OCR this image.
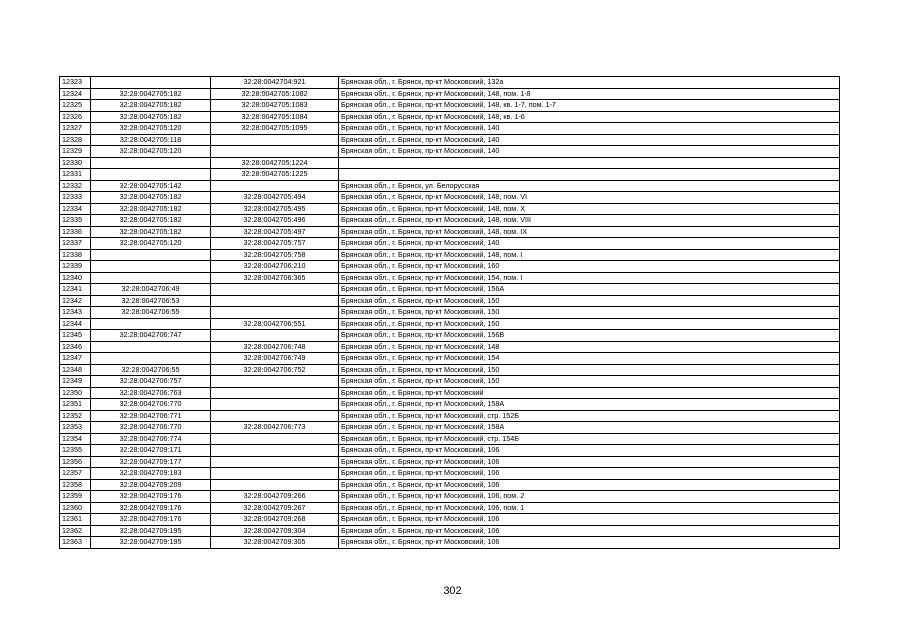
12323		32:28:0042704:921	Брянская обл., г. Брянск, пр-кт Московский, 132а
12324	32:28:0042705:182	32:28:0042705:1082	Брянская обл., г. Брянск, пр-кт Московский, 148, пом. 1-8
12325	32:28:0042705:182	32:28:0042705:1083	Брянская обл., г. Брянск, пр-кт Московский, 148, кв. 1-7, пом. 1-7
12326	32:28:0042705:182	32:28:0042705:1084	Брянская обл., г. Брянск, пр-кт Московский, 148, кв. 1-6
12327	32:28:0042705:120	32:28:0042705:1095	Брянская обл., г. Брянск, пр-кт Московский, 140
12328	32:28:0042705:118		Брянская обл., г. Брянск, пр-кт Московский, 140
12329	32:28:0042705:120		Брянская обл., г. Брянск, пр-кт Московский, 140
12330		32:28:0042705:1224	
12331		32:28:0042705:1225	
12332	32:28:0042705:142		Брянская обл., г. Брянск, ул. Белорусская
12333	32:28:0042705:182	32:28:0042705:494	Брянская обл., г. Брянск, пр-кт Московский, 148, пом. VI
12334	32:28:0042705:182	32:28:0042705:495	Брянская обл., г. Брянск, пр-кт Московский, 148, пом. X
12335	32:28:0042705:182	32:28:0042705:496	Брянская обл., г. Брянск, пр-кт Московский, 148, пом. VIII
12336	32:28:0042705:182	32:28:0042705:497	Брянская обл., г. Брянск, пр-кт Московский, 148, пом. IX
12337	32:28:0042705:120	32:28:0042705:757	Брянская обл., г. Брянск, пр-кт Московский, 140
12338		32:28:0042705:758	Брянская обл., г. Брянск, пр-кт Московский, 148, пом. I
12339		32:28:0042706:210	Брянская обл., г. Брянск, пр-кт Московский, 160
12340		32:28:0042706:365	Брянская обл., г. Брянск, пр-кт Московский, 154, пом. I
12341	32:28:0042706:49		Брянская обл., г. Брянск, пр-кт Московский, 156А
12342	32:28:0042706:53		Брянская обл., г. Брянск, пр-кт Московский, 150
12343	32:28:0042706:55		Брянская обл., г. Брянск, пр-кт Московский, 150
12344		32:28:0042706:551	Брянская обл., г. Брянск, пр-кт Московский, 150
12345	32:28:0042706:747		Брянская обл., г. Брянск, пр-кт Московский, 156В
12346		32:28:0042706:748	Брянская обл., г. Брянск, пр-кт Московский, 148
12347		32:28:0042706:749	Брянская обл., г. Брянск, пр-кт Московский, 154
12348	32:28:0042706:55	32:28:0042706:752	Брянская обл., г. Брянск, пр-кт Московский, 150
12349	32:28:0042706:757		Брянская обл., г. Брянск, пр-кт Московский, 150
12350	32:28:0042706:763		Брянская обл., г. Брянск, пр-кт Московский
12351	32:28:0042706:770		Брянская обл., г. Брянск, пр-кт Московский, 158А
12352	32:28:0042706:771		Брянская обл., г. Брянск, пр-кт Московский, стр. 152Б
12353	32:28:0042706:770	32:28:0042706:773	Брянская обл., г. Брянск, пр-кт Московский, 158А
12354	32:28:0042706:774		Брянская обл., г. Брянск, пр-кт Московский, стр. 154Б
12355	32:28:0042709:171		Брянская обл., г. Брянск, пр-кт Московский, 106
12356	32:28:0042709:177		Брянская обл., г. Брянск, пр-кт Московский, 106
12357	32:28:0042709:183		Брянская обл., г. Брянск, пр-кт Московский, 106
12358	32:28:0042709:209		Брянская обл., г. Брянск, пр-кт Московский, 106
12359	32:28:0042709:176	32:28:0042709:266	Брянская обл., г. Брянск, пр-кт Московский, 106, пом. 2
12360	32:28:0042709:176	32:28:0042709:267	Брянская обл., г. Брянск, пр-кт Московский, 106, пом. 1
12361	32:28:0042709:176	32:28:0042709:268	Брянская обл., г. Брянск, пр-кт Московский, 106
12362	32:28:0042709:195	32:28:0042709:304	Брянская обл., г. Брянск, пр-кт Московский, 106
12363	32:28:0042709:195	32:28:0042709:305	Брянская обл., г. Брянск, пр-кт Московский, 106
302
